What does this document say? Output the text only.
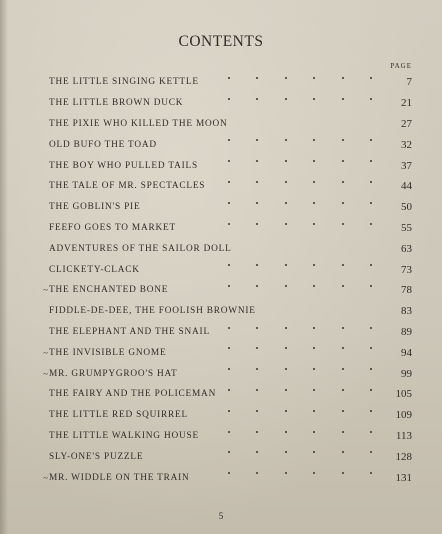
CONTENTS
PAGE
THE LITTLE SINGING KETTLE	7
THE LITTLE BROWN DUCK	21
THE PIXIE WHO KILLED THE MOON	27
OLD BUFO THE TOAD	32
THE BOY WHO PULLED TAILS	37
THE TALE OF MR. SPECTACLES	44
THE GOBLIN'S PIE	50
FEEFO GOES TO MARKET	55
ADVENTURES OF THE SAILOR DOLL	63
CLICKETY-CLACK	73
~ THE ENCHANTED BONE	78
FIDDLE-DE-DEE, THE FOOLISH BROWNIE	83
THE ELEPHANT AND THE SNAIL	89
~ THE INVISIBLE GNOME	94
~ MR. GRUMPYGROO'S HAT	99
THE FAIRY AND THE POLICEMAN	105
THE LITTLE RED SQUIRREL	109
THE LITTLE WALKING HOUSE	113
SLY-ONE'S PUZZLE	128
~ MR. WIDDLE ON THE TRAIN	131
5
